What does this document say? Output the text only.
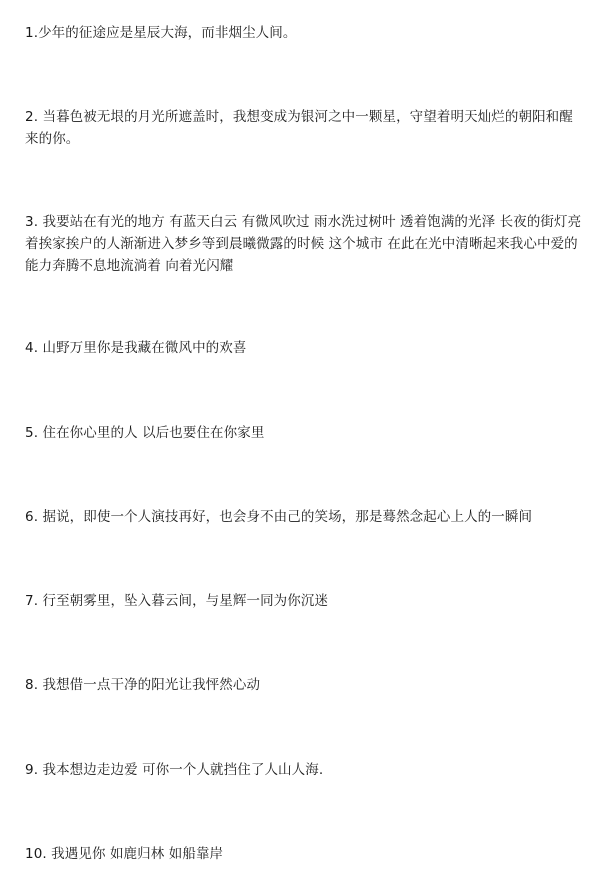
1.少年的征途应是星辰大海，而非烟尘人间。

2. 当暮色被无垠的月光所遮盖时，我想变成为银河之中一颗星，守望着明天灿烂的朝阳和醒来的你。

3. 我要站在有光的地方 有蓝天白云 有微风吹过 雨水洗过树叶 透着饱满的光泽 长夜的街灯亮着挨家挨户的人渐渐进入梦乡等到晨曦微露的时候 这个城市 在此在光中清晰起来我心中爱的能力奔腾不息地流淌着 向着光闪耀

4. 山野万里你是我藏在微风中的欢喜

5. 住在你心里的人 以后也要住在你家里

6. 据说，即使一个人演技再好，也会身不由己的笑场，那是蓦然念起心上人的一瞬间

7. 行至朝雾里，坠入暮云间，与星辉一同为你沉迷

8. 我想借一点干净的阳光让我怦然心动

9. 我本想边走边爱 可你一个人就挡住了人山人海.

10. 我遇见你 如鹿归林 如船靠岸
